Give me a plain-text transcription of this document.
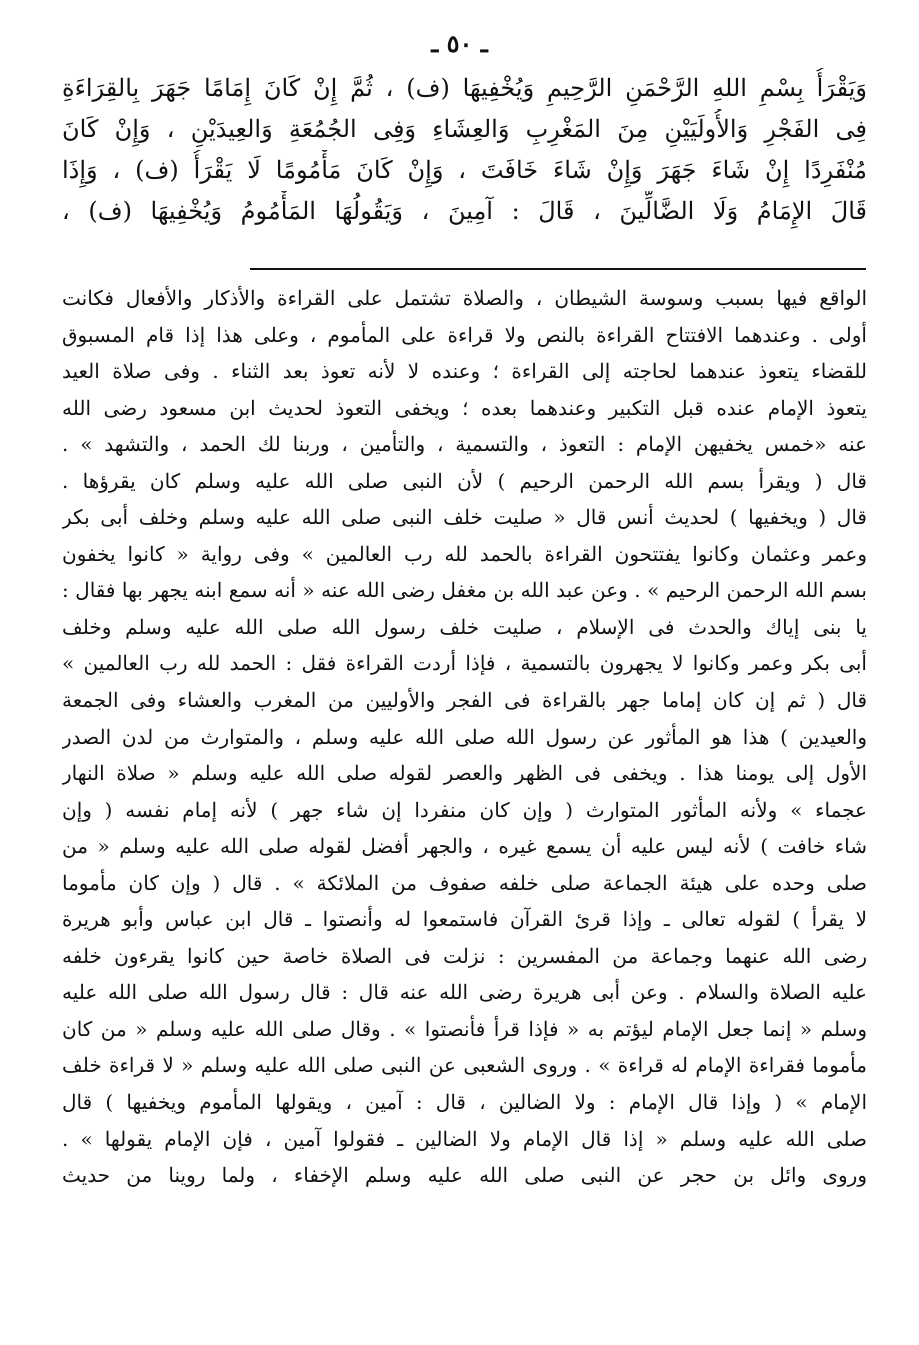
ـ ٥٠ ـ
وَيَقْرَأُ بِسْمِ اللهِ الرَّحْمَنِ الرَّحِيمِ وَيُخْفِيهَا (ف) ، ثُمَّ إِنْ كَانَ إِمَامًا جَهَرَ بِالقِرَاءَةِ
فِى الفَجْرِ وَالأُولَيَيْنِ مِنَ المَغْرِبِ وَالعِشَاءِ وَفِى الجُمُعَةِ وَالعِيدَيْنِ ، وَإِنْ كَانَ
مُنْفَرِدًا إِنْ شَاءَ جَهَرَ وَإِنْ شَاءَ خَافَتَ ، وَإِنْ كَانَ مَأْمُومًا لَا يَقْرَأُ (ف) ، وَإِذَا
قَالَ الإِمَامُ وَلَا الضَّالِّينَ ، قَالَ : آمِينَ ، وَيَقُولُهَا المَأْمُومُ وَيُخْفِيهَا (ف) ،
الواقع فيها بسبب وسوسة الشيطان ، والصلاة تشتمل على القراءة والأذكار والأفعال فكانت
أولى . وعندهما الافتتاح القراءة بالنص ولا قراءة على المأموم ، وعلى هذا إذا قام المسبوق
للقضاء يتعوذ عندهما لحاجته إلى القراءة ؛ وعنده لا لأنه تعوذ بعد الثناء . وفى صلاة العيد
يتعوذ الإمام عنده قبل التكبير وعندهما بعده ؛ ويخفى التعوذ لحديث ابن مسعود رضى الله
عنه «خمس يخفيهن الإمام : التعوذ ، والتسمية ، والتأمين ، وربنا لك الحمد ، والتشهد » .
قال ( ويقرأ بسم الله الرحمن الرحيم ) لأن النبى صلى الله عليه وسلم كان يقرؤها .
قال ( ويخفيها ) لحديث أنس قال « صليت خلف النبى صلى الله عليه وسلم وخلف أبى بكر
وعمر وعثمان وكانوا يفتتحون القراءة بالحمد لله رب العالمين » وفى رواية « كانوا يخفون
بسم الله الرحمن الرحيم » . وعن عبد الله بن مغفل رضى الله عنه « أنه سمع ابنه يجهر بها فقال :
يا بنى إياك والحدث فى الإسلام ، صليت خلف رسول الله صلى الله عليه وسلم وخلف
أبى بكر وعمر وكانوا لا يجهرون بالتسمية ، فإذا أردت القراءة فقل : الحمد لله رب العالمين »
قال ( ثم إن كان إماما جهر بالقراءة فى الفجر والأوليين من المغرب والعشاء وفى الجمعة
والعيدين ) هذا هو المأثور عن رسول الله صلى الله عليه وسلم ، والمتوارث من لدن الصدر
الأول إلى يومنا هذا . ويخفى فى الظهر والعصر لقوله صلى الله عليه وسلم « صلاة النهار
عجماء » ولأنه المأثور المتوارث ( وإن كان منفردا إن شاء جهر ) لأنه إمام نفسه ( وإن
شاء خافت ) لأنه ليس عليه أن يسمع غيره ، والجهر أفضل لقوله صلى الله عليه وسلم « من
صلى وحده على هيئة الجماعة صلى خلفه صفوف من الملائكة » . قال ( وإن كان مأموما
لا يقرأ ) لقوله تعالى ـ وإذا قرئ القرآن فاستمعوا له وأنصتوا ـ قال ابن عباس وأبو هريرة
رضى الله عنهما وجماعة من المفسرين : نزلت فى الصلاة خاصة حين كانوا يقرءون خلفه
عليه الصلاة والسلام . وعن أبى هريرة رضى الله عنه قال : قال رسول الله صلى الله عليه
وسلم « إنما جعل الإمام ليؤتم به « فإذا قرأ فأنصتوا » . وقال صلى الله عليه وسلم « من كان
مأموما فقراءة الإمام له قراءة » . وروى الشعبى عن النبى صلى الله عليه وسلم « لا قراءة خلف
الإمام » ( وإذا قال الإمام : ولا الضالين ، قال : آمين ، ويقولها المأموم ويخفيها ) قال
صلى الله عليه وسلم « إذا قال الإمام ولا الضالين ـ فقولوا آمين ، فإن الإمام يقولها » .
وروى وائل بن حجر عن النبى صلى الله عليه وسلم الإخفاء ، ولما روينا من حديث
